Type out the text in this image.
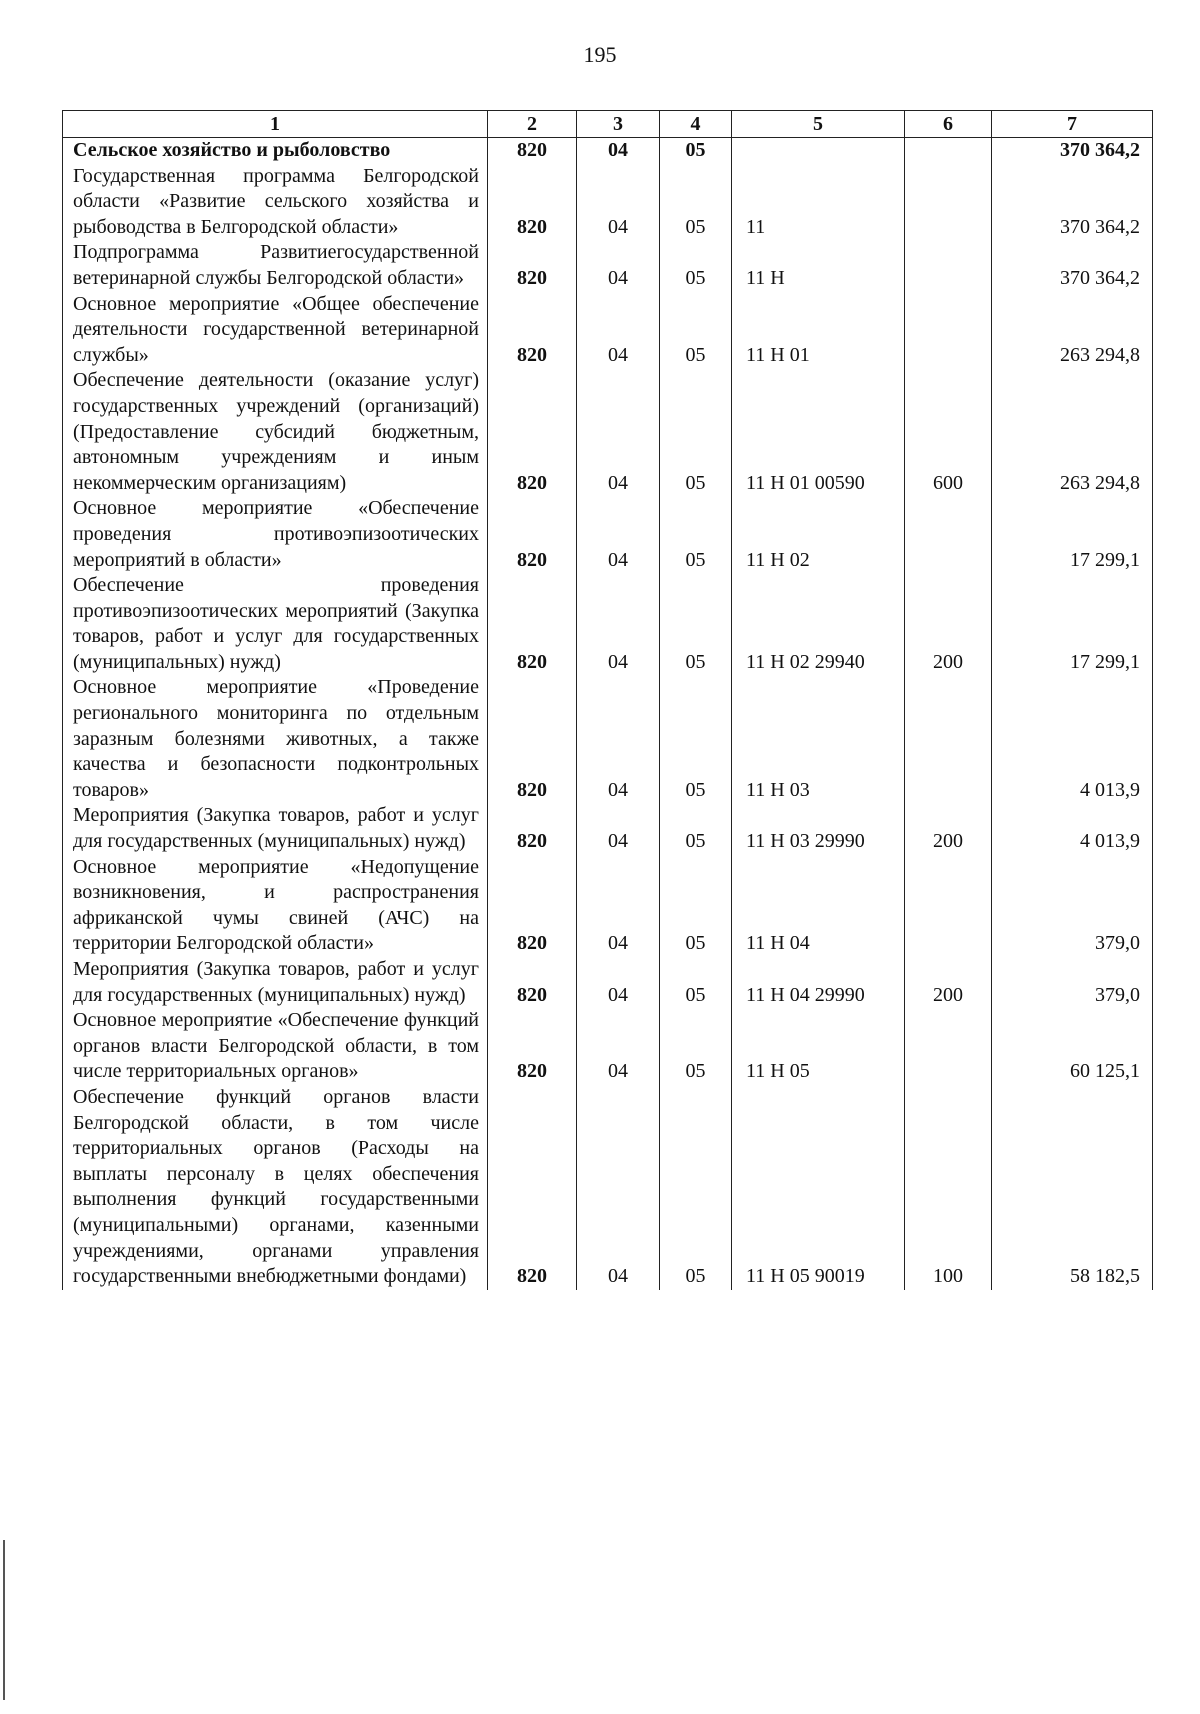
195
1	2	3	4	5	6	7
Сельское хозяйство и рыболовство	820	04	05			370 364,2
Государственная программа Белгородской области «Развитие сельского хозяйства и рыбоводства в Белгородской области»	820	04	05	11		370 364,2
Подпрограмма Развитиегосударственной ветеринарной службы Белгородской области»	820	04	05	11 Н		370 364,2
Основное мероприятие «Общее обеспечение деятельности государственной ветеринарной службы»	820	04	05	11 Н 01		263 294,8
Обеспечение деятельности (оказание услуг) государственных учреждений (организаций) (Предоставление субсидий бюджетным, автономным учреждениям и иным некоммерческим организациям)	820	04	05	11 Н 01 00590	600	263 294,8
Основное мероприятие «Обеспечение проведения противоэпизоотических мероприятий в области»	820	04	05	11 Н 02		17 299,1
Обеспечение проведения противоэпизоотических мероприятий (Закупка товаров, работ и услуг для государственных (муниципальных) нужд)	820	04	05	11 Н 02 29940	200	17 299,1
Основное мероприятие «Проведение регионального мониторинга по отдельным заразным болезнями животных, а также качества и безопасности подконтрольных товаров»	820	04	05	11 Н 03		4 013,9
Мероприятия (Закупка товаров, работ и услуг для государственных (муниципальных) нужд)	820	04	05	11 Н 03 29990	200	4 013,9
Основное мероприятие «Недопущение возникновения, и распространения африканской чумы свиней (АЧС) на территории Белгородской области»	820	04	05	11 Н 04		379,0
Мероприятия (Закупка товаров, работ и услуг для государственных (муниципальных) нужд)	820	04	05	11 Н 04 29990	200	379,0
Основное мероприятие «Обеспечение функций органов власти Белгородской области, в том числе территориальных органов»	820	04	05	11 Н 05		60 125,1
Обеспечение функций органов власти Белгородской области, в том числе территориальных органов (Расходы на выплаты персоналу в целях обеспечения выполнения функций государственными (муниципальными) органами, казенными учреждениями, органами управления государственными внебюджетными фондами)	820	04	05	11 Н 05 90019	100	58 182,5
